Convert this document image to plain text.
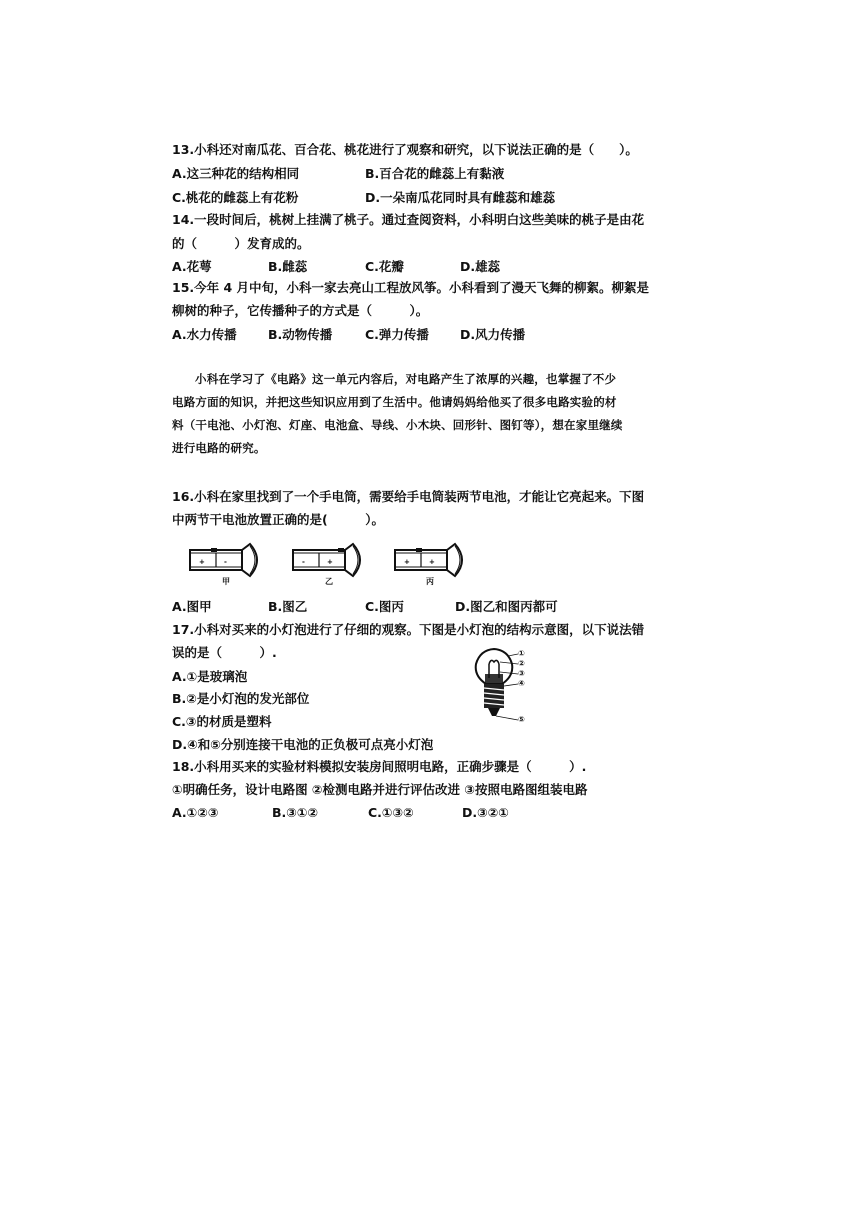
13.小科还对南瓜花、百合花、桃花进行了观察和研究，以下说法正确的是（　　）。
A.这三种花的结构相同	B.百合花的雌蕊上有黏液
C.桃花的雌蕊上有花粉	D.一朵南瓜花同时具有雌蕊和雄蕊
14.一段时间后，桃树上挂满了桃子。通过查阅资料，小科明白这些美味的桃子是由花
的（　　　）发育成的。
A.花萼	B.雌蕊	C.花瓣	D.雄蕊
15.今年 4 月中旬，小科一家去亮山工程放风筝。小科看到了漫天飞舞的柳絮。柳絮是
柳树的种子，它传播种子的方式是（　　　）。
A.水力传播	B.动物传播	C.弹力传播 D.风力传播
小科在学习了《电路》这一单元内容后，对电路产生了浓厚的兴趣，也掌握了不少电路方面的知识，并把这些知识应用到了生活中。他请妈妈给他买了很多电路实验的材料（干电池、小灯泡、灯座、电池盒、导线、小木块、回形针、图钉等），想在家里继续进行电路的研究。
16.小科在家里找到了一个手电筒，需要给手电筒装两节电池，才能让它亮起来。下图
中两节干电池放置正确的是(　　　）。
+	-	-	+	+	+
甲	乙	丙
A.图甲	B.图乙	C.图丙	D.图乙和图丙都可
17.小科对买来的小灯泡进行了仔细的观察。下图是小灯泡的结构示意图，以下说法错
误的是（　　　）.
A.①是玻璃泡
B.②是小灯泡的发光部位
C.③的材质是塑料
D.④和⑤分别连接干电池的正负极可点亮小灯泡
①
②
③
④
⑤
18.小科用买来的实验材料模拟安装房间照明电路，正确步骤是（　　　）.
①明确任务，设计电路图 ②检测电路并进行评估改进 ③按照电路图组装电路
A.①②③	B.③①②	C.①③②	D.③②①
